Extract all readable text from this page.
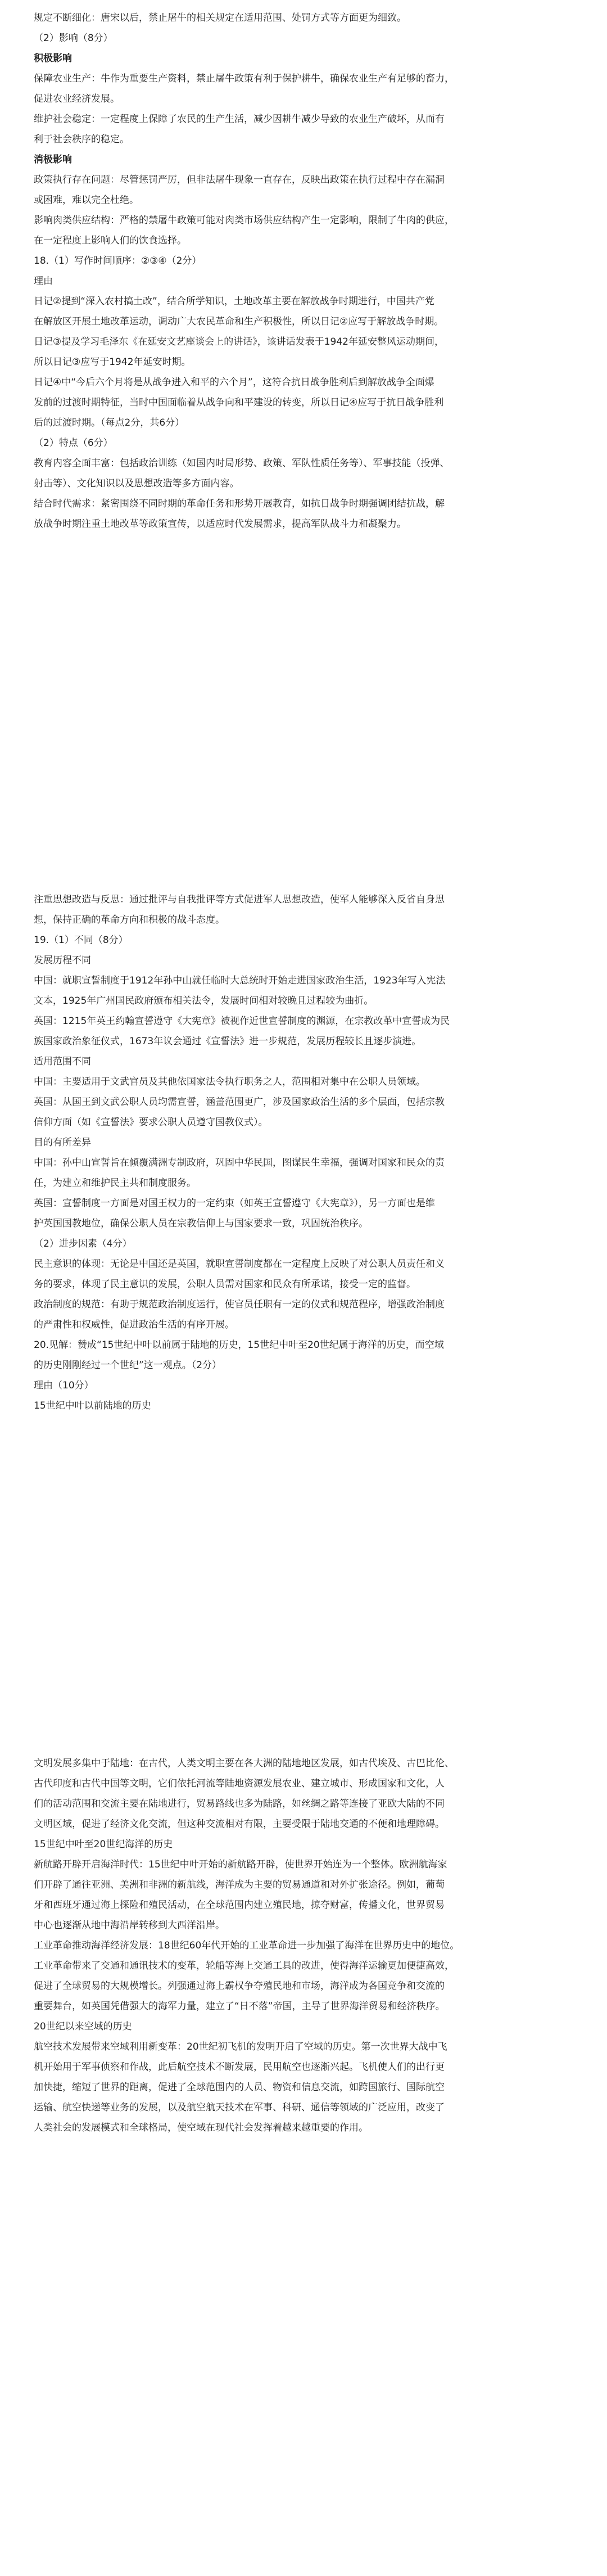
规定不断细化：唐宋以后，禁止屠牛的相关规定在适用范围、处罚方式等方面更为细致。

（2）影响（8分）

积极影响

保障农业生产：牛作为重要生产资料，禁止屠牛政策有利于保护耕牛，确保农业生产有足够的畜力，

促进农业经济发展。

维护社会稳定：一定程度上保障了农民的生产生活，减少因耕牛减少导致的农业生产破坏，从而有

利于社会秩序的稳定。

消极影响

政策执行存在问题：尽管惩罚严厉，但非法屠牛现象一直存在，反映出政策在执行过程中存在漏洞

或困难，难以完全杜绝。

影响肉类供应结构：严格的禁屠牛政策可能对肉类市场供应结构产生一定影响，限制了牛肉的供应，

在一定程度上影响人们的饮食选择。

18.（1）写作时间顺序：②③④（2分）

理由

日记②提到“深入农村搞土改”，结合所学知识，土地改革主要在解放战争时期进行，中国共产党

在解放区开展土地改革运动，调动广大农民革命和生产积极性，所以日记②应写于解放战争时期。

日记③提及学习毛泽东《在延安文艺座谈会上的讲话》，该讲话发表于1942年延安整风运动期间，

所以日记③应写于1942年延安时期。

日记④中“今后六个月将是从战争进入和平的六个月”，这符合抗日战争胜利后到解放战争全面爆

发前的过渡时期特征，当时中国面临着从战争向和平建设的转变，所以日记④应写于抗日战争胜利

后的过渡时期。（每点2分，共6分）

（2）特点（6分）

教育内容全面丰富：包括政治训练（如国内时局形势、政策、军队性质任务等）、军事技能（投弹、

射击等）、文化知识以及思想改造等多方面内容。

结合时代需求：紧密围绕不同时期的革命任务和形势开展教育，如抗日战争时期强调团结抗战，解

放战争时期注重土地改革等政策宣传，以适应时代发展需求，提高军队战斗力和凝聚力。

注重思想改造与反思：通过批评与自我批评等方式促进军人思想改造，使军人能够深入反省自身思

想，保持正确的革命方向和积极的战斗态度。

19.（1）不同（8分）

发展历程不同

中国：就职宣誓制度于1912年孙中山就任临时大总统时开始走进国家政治生活，1923年写入宪法

文本，1925年广州国民政府颁布相关法令，发展时间相对较晚且过程较为曲折。

英国：1215年英王约翰宣誓遵守《大宪章》被视作近世宣誓制度的渊源，在宗教改革中宣誓成为民

族国家政治象征仪式，1673年议会通过《宣誓法》进一步规范，发展历程较长且逐步演进。

适用范围不同

中国：主要适用于文武官员及其他依国家法令执行职务之人，范围相对集中在公职人员领域。

英国：从国王到文武公职人员均需宣誓，涵盖范围更广，涉及国家政治生活的多个层面，包括宗教

信仰方面（如《宣誓法》要求公职人员遵守国教仪式）。

目的有所差异

中国：孙中山宣誓旨在倾覆满洲专制政府，巩固中华民国，图谋民生幸福，强调对国家和民众的责

任，为建立和维护民主共和制度服务。

英国：宣誓制度一方面是对国王权力的一定约束（如英王宣誓遵守《大宪章》），另一方面也是维

护英国国教地位，确保公职人员在宗教信仰上与国家要求一致，巩固统治秩序。

（2）进步因素（4分）

民主意识的体现：无论是中国还是英国，就职宣誓制度都在一定程度上反映了对公职人员责任和义

务的要求，体现了民主意识的发展，公职人员需对国家和民众有所承诺，接受一定的监督。

政治制度的规范：有助于规范政治制度运行，使官员任职有一定的仪式和规范程序，增强政治制度

的严肃性和权威性，促进政治生活的有序开展。

20.见解：赞成“15世纪中叶以前属于陆地的历史，15世纪中叶至20世纪属于海洋的历史，而空域

的历史刚刚经过一个世纪”这一观点。（2分）

理由（10分）

15世纪中叶以前陆地的历史

文明发展多集中于陆地：在古代，人类文明主要在各大洲的陆地地区发展，如古代埃及、古巴比伦、

古代印度和古代中国等文明，它们依托河流等陆地资源发展农业、建立城市、形成国家和文化，人

们的活动范围和交流主要在陆地进行，贸易路线也多为陆路，如丝绸之路等连接了亚欧大陆的不同

文明区域，促进了经济文化交流，但这种交流相对有限，主要受限于陆地交通的不便和地理障碍。

15世纪中叶至20世纪海洋的历史

新航路开辟开启海洋时代：15世纪中叶开始的新航路开辟，使世界开始连为一个整体。欧洲航海家

们开辟了通往亚洲、美洲和非洲的新航线，海洋成为主要的贸易通道和对外扩张途径。例如，葡萄

牙和西班牙通过海上探险和殖民活动，在全球范围内建立殖民地，掠夺财富，传播文化，世界贸易

中心也逐渐从地中海沿岸转移到大西洋沿岸。

工业革命推动海洋经济发展：18世纪60年代开始的工业革命进一步加强了海洋在世界历史中的地位。

工业革命带来了交通和通讯技术的变革，轮船等海上交通工具的改进，使得海洋运输更加便捷高效，

促进了全球贸易的大规模增长。列强通过海上霸权争夺殖民地和市场，海洋成为各国竞争和交流的

重要舞台，如英国凭借强大的海军力量，建立了“日不落”帝国，主导了世界海洋贸易和经济秩序。

20世纪以来空域的历史

航空技术发展带来空域利用新变革：20世纪初飞机的发明开启了空域的历史。第一次世界大战中飞

机开始用于军事侦察和作战，此后航空技术不断发展，民用航空也逐渐兴起。飞机使人们的出行更

加快捷，缩短了世界的距离，促进了全球范围内的人员、物资和信息交流，如跨国旅行、国际航空

运输、航空快递等业务的发展，以及航空航天技术在军事、科研、通信等领域的广泛应用，改变了

人类社会的发展模式和全球格局，使空域在现代社会发挥着越来越重要的作用。
